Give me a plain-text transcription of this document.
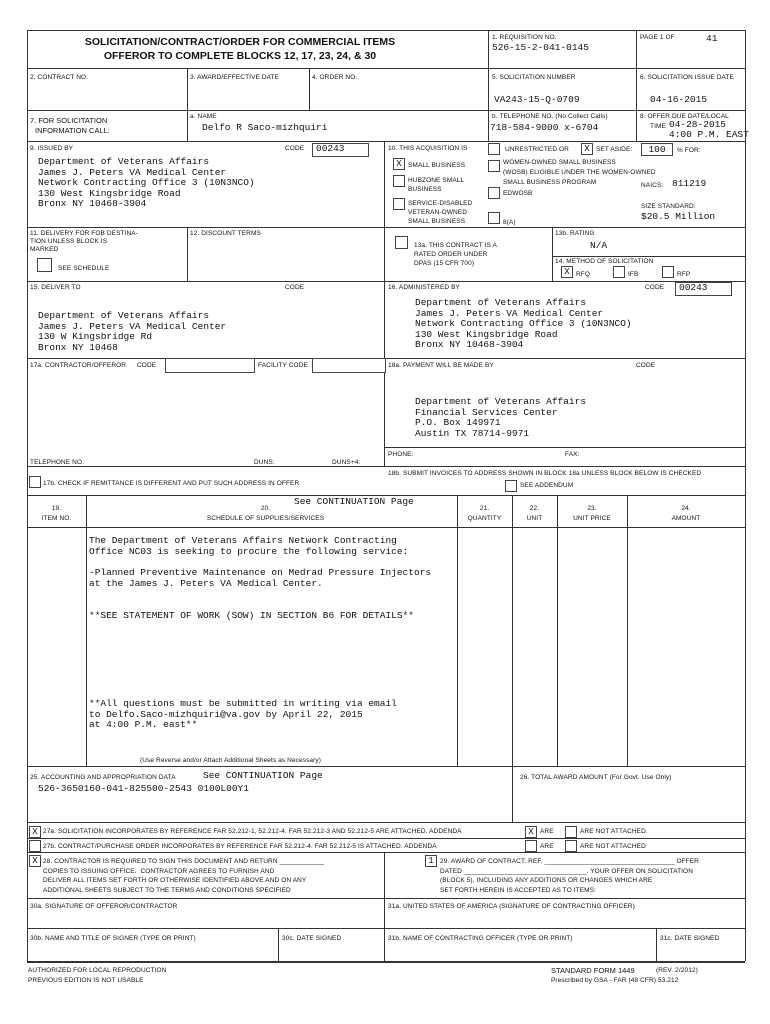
SOLICITATION/CONTRACT/ORDER FOR COMMERCIAL ITEMS
OFFEROR TO COMPLETE BLOCKS 12, 17, 23, 24, & 30
1. REQUISITION NO.
526-15-2-041-0145
PAGE 1 OF	41
2. CONTRACT NO.	3. AWARD/EFFECTIVE DATE	4. ORDER NO.	5. SOLICITATION NUMBER
VA243-15-Q-0709
6. SOLICITATION ISSUE DATE
04-16-2015
7. FOR SOLICITATION
INFORMATION CALL:
a. NAME
Delfo R Saco-mizhquiri
b. TELEPHONE NO. (No Collect Calls)
718-584-9000 x-6704
8. OFFER DUE DATE/LOCAL
TIME 04-28-2015
4:00 P.M. EAST
9. ISSUED BY	CODE	00243
Department of Veterans Affairs
James J. Peters VA Medical Center
Network Contracting Office 3 (10N3NCO)
130 West Kingsbridge Road
Bronx NY 10468-3904
10. THIS ACQUISITION IS	UNRESTRICTED OR	X SET ASIDE:	100	% FOR:
X SMALL BUSINESS
HUBZONE SMALL
BUSINESS
SERVICE-DISABLED
VETERAN-OWNED
SMALL BUSINESS
WOMEN-OWNED SMALL BUSINESS
(WOSB) ELIGIBLE UNDER THE WOMEN-OWNED
SMALL BUSINESS PROGRAM
EDWOSB
8(A)
NAICS: 811219
SIZE STANDARD:
$20.5 Million
11. DELIVERY FOR FOB DESTINA-
TION UNLESS BLOCK IS
MARKED
SEE SCHEDULE
12. DISCOUNT TERMS
13a. THIS CONTRACT IS A
RATED ORDER UNDER
DPAS (15 CFR 700)
13b. RATING
N/A
14. METHOD OF SOLICITATION
X RFQ	IFB	RFP
15. DELIVER TO	CODE
Department of Veterans Affairs
James J. Peters VA Medical Center
130 W Kingsbridge Rd
Bronx NY 10468
16. ADMINISTERED BY	CODE	00243
Department of Veterans Affairs
James J. Peters VA Medical Center
Network Contracting Office 3 (10N3NCO)
130 West Kingsbridge Road
Bronx NY 10468-3904
17a. CONTRACTOR/OFFEROR CODE	FACILITY CODE
TELEPHONE NO.	DUNS:	DUNS+4:
17b. CHECK IF REMITTANCE IS DIFFERENT AND PUT SUCH ADDRESS IN OFFER
18a. PAYMENT WILL BE MADE BY	CODE
Department of Veterans Affairs
Financial Services Center
P.O. Box 149971
Austin TX 78714-9971
PHONE:	FAX:
18b. SUBMIT INVOICES TO ADDRESS SHOWN IN BLOCK 18a UNLESS BLOCK BELOW IS CHECKED
SEE ADDENDUM
19.
ITEM NO.
See CONTINUATION Page
20.
SCHEDULE OF SUPPLIES/SERVICES
21.
QUANTITY
22.
UNIT
23.
UNIT PRICE
24.
AMOUNT
The Department of Veterans Affairs Network Contracting
Office NC03 is seeking to procure the following service:
-Planned Preventive Maintenance on Medrad Pressure Injectors
at the James J. Peters VA Medical Center.
**SEE STATEMENT OF WORK (SOW) IN SECTION B6 FOR DETAILS**
**All questions must be submitted in writing via email
to Delfo.Saco-mizhquiri@va.gov by April 22, 2015
at 4:00 P.M. east**
(Use Reverse and/or Attach Additional Sheets as Necessary)
25. ACCOUNTING AND APPROPRIATION DATA	See CONTINUATION Page
526-3650160-041-825500-2543 0100L00Y1
26. TOTAL AWARD AMOUNT (For Govt. Use Only)
X 27a. SOLICITATION INCORPORATES BY REFERENCE FAR 52.212-1, 52.212-4. FAR 52.212-3 AND 52.212-5 ARE ATTACHED. ADDENDA	X ARE	ARE NOT ATTACHED.
27b. CONTRACT/PURCHASE ORDER INCORPORATES BY REFERENCE FAR 52.212-4. FAR 52.212-5 IS ATTACHED. ADDENDA	ARE	ARE NOT ATTACHED
X 28. CONTRACTOR IS REQUIRED TO SIGN THIS DOCUMENT AND RETURN ____________
COPIES TO ISSUING OFFICE.  CONTRACTOR AGREES TO FURNISH AND
DELIVER ALL ITEMS SET FORTH OR OTHERWISE IDENTIFIED ABOVE AND ON ANY
ADDITIONAL SHEETS SUBJECT TO THE TERMS AND CONDITIONS SPECIFIED
1 29. AWARD OF CONTRACT: REF. ___________________________________ OFFER
DATED _________________________________. YOUR OFFER ON SOLICITATION
(BLOCK 5), INCLUDING ANY ADDITIONS OR CHANGES WHICH ARE
SET FORTH HEREIN IS ACCEPTED AS TO ITEMS:
30a. SIGNATURE OF OFFEROR/CONTRACTOR	31a. UNITED STATES OF AMERICA (SIGNATURE OF CONTRACTING OFFICER)
30b. NAME AND TITLE OF SIGNER (TYPE OR PRINT)	30c. DATE SIGNED	31b. NAME OF CONTRACTING OFFICER (TYPE OR PRINT)	31c. DATE SIGNED
AUTHORIZED FOR LOCAL REPRODUCTION
PREVIOUS EDITION IS NOT USABLE
STANDARD FORM 1449	(REV. 2/2012)
Prescribed by GSA - FAR (48 CFR) 53.212
